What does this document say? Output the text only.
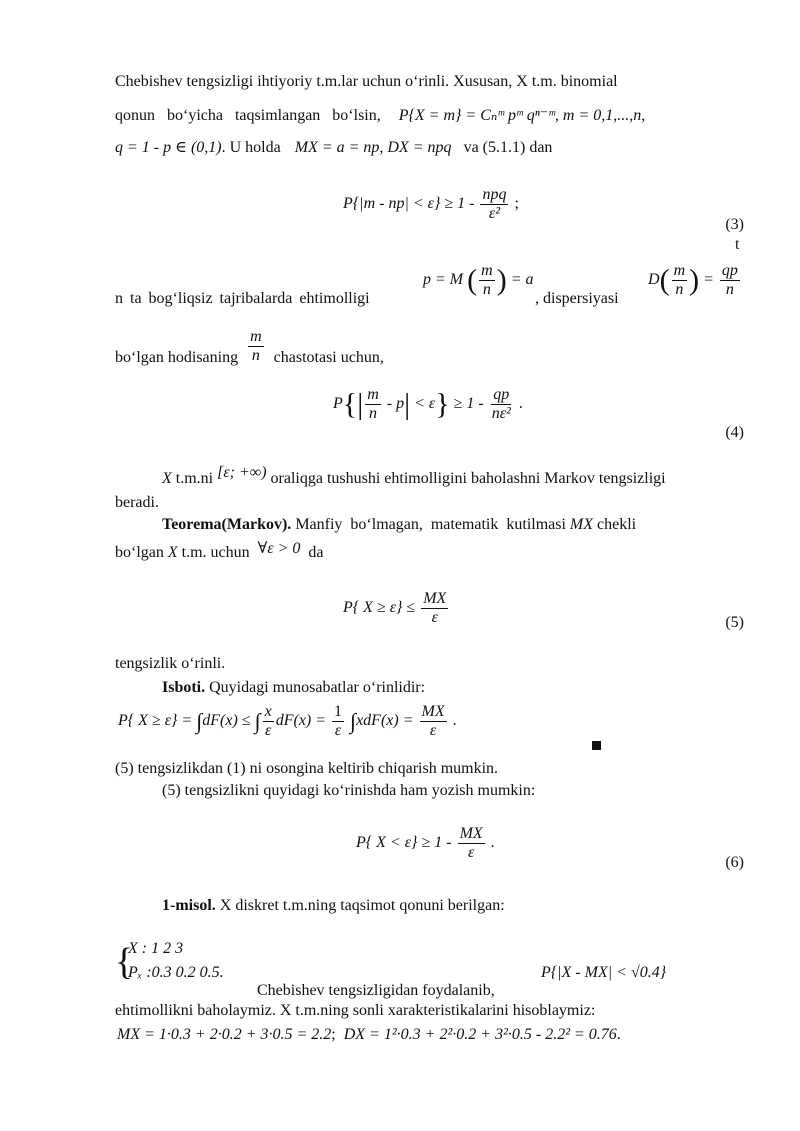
Chebishev tengsizligi ihtiyoriy t.m.lar uchun o‘rinli. Xususan, X t.m. binomial
qonun bo‘yicha taqsimlangan bo‘lsin, P{X = m} = Cₙᵐ pᵐ qⁿ⁻ᵐ, m = 0,1,...,n,
q = 1 - p ∈ (0,1). U holda MX = a = np, DX = npq va (5.1.1) dan
$P\{|m - np| < \varepsilon\} \ge 1 - \frac{\text{npq}}{\text{ε²}}$ ;
(3)
t
n ta bog‘liqsiz tajribalarda ehtimolligi
p = M ( $\frac{m}{n}$ ) = a
, dispersiyasi
$D( \frac{m}{n}$ ) = $\frac{qp}{n}$
bo‘lgan hodisaning $\frac{m}{n}$ chastotasi uchun,
$P\{| \frac{m}{n} - p| < \varepsilon\} \ge 1 - \frac{qp}{\text{nε²}}$ .
(4)
X t.m.ni [ε; +∞) oraliqga tushushi ehtimolligini baholashni Markov tengsizligi
beradi.
Teorema(Markov). Manfiy bo‘lmagan, matematik kutilmasi MX chekli
bo‘lgan X t.m. uchun ∀ε > 0 da
P{ $X \ge \varepsilon\} \le \frac{MX}{\varepsilon}$	(5)
tengsizlik o‘rinli.
Isboti. Quyidagi munosabatlar o‘rinlidir:
P{ X ≥ ε} = ∫dF(x) ≤ ∫ $\frac{x}{\varepsilon} dF(x) = \frac{1}{\varepsilon} \int xdF(x) = \frac{MX}{\varepsilon}$ .
(5) tengsizlikdan (1) ni osongina keltirib chiqarish mumkin.
(5) tengsizlikni quyidagi ko‘rinishda ham yozish mumkin:
P{ $X < \varepsilon\} \ge 1 - \frac{MX}{\varepsilon}$ .
(6)
1-misol. X diskret t.m.ning taqsimot qonuni berilgan:
{
X : 1 2 3
Pₓ :0.3 0.2 0.5.
Chebishev tengsizligidan foydalanib,
P{|X - MX| < √0.4}
ehtimollikni baholaymiz. X t.m.ning sonli xarakteristikalarini hisoblaymiz:
MX = 1·0.3 + 2·0.2 + 3·0.5 = 2.2; DX = 1²·0.3 + 2²·0.2 + 3²·0.5 - 2.2² = 0.76.
